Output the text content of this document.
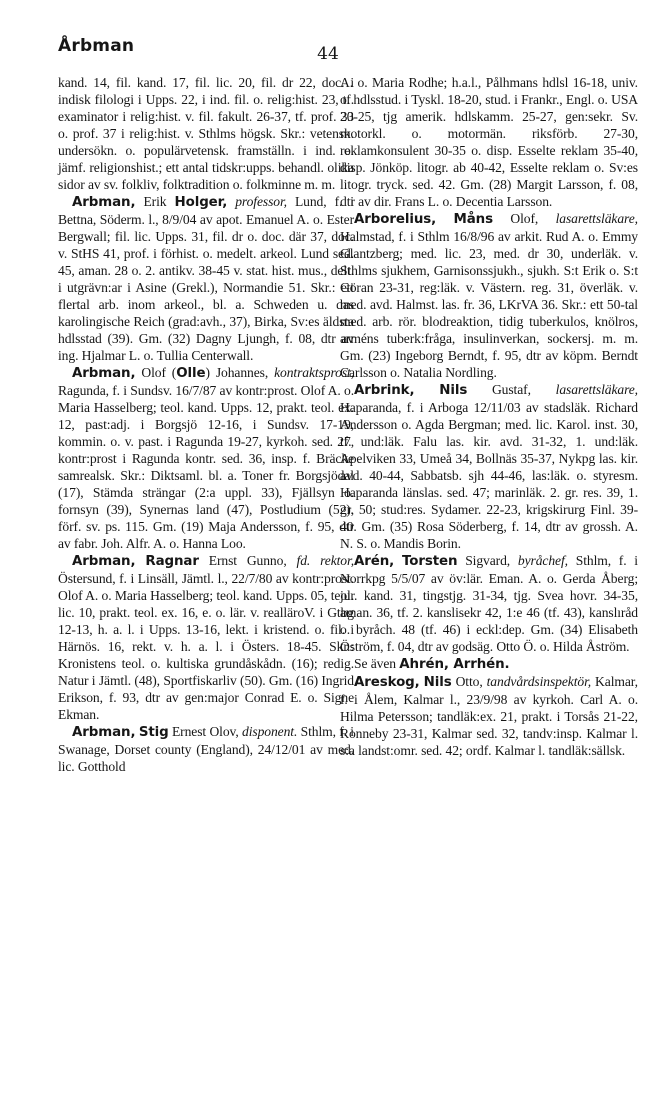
Årbman	44

kand. 14, fil. kand. 17, fil. lic. 20, fil. dr 22, doc. i indisk filologi i Upps. 22, i ind. fil. o. relig:hist. 23, tf. examinator i relig:hist. v. fil. fakult. 26-37, tf. prof. 33 o. prof. 37 i relig:hist. v. Sthlms högsk. Skr.: vetensk. undersökn. o. populärvetensk. framställn. i ind. o. jämf. religionshist.; ett antal tidskr:upps. behandl. olika sidor av sv. folkliv, folktradition o. folkminne m. m.

Arbman, Erik Holger, professor, Lund, f. i Bettna, Söderm. l., 8/9/04 av apot. Emanuel A. o. Ester Bergwall; fil. lic. Upps. 31, fil. dr o. doc. där 37, doc. v. StHS 41, prof. i förhist. o. medelt. arkeol. Lund sed. 45, aman. 28 o. 2. antikv. 38-45 v. stat. hist. mus., delt. i utgrävn:ar i Asine (Grekl.), Normandie 51. Skr.: ett flertal arb. inom arkeol., bl. a. Schweden u. das karolingische Reich (grad:avh., 37), Birka, Sv:es äldsta hdlsstad (39). Gm. (32) Dagny Ljungh, f. 08, dtr av ing. Hjalmar L. o. Tullia Centerwall.

Arbman, Olof (Olle) Johannes, kontraktsprost, Ragunda, f. i Sundsv. 16/7/87 av kontr:prost. Olof A. o. Maria Hasselberg; teol. kand. Upps. 12, prakt. teol. ex. 12, past:adj. i Borgsjö 12-16, i Sundsv. 17-19, kommin. o. v. past. i Ragunda 19-27, kyrkoh. sed. 27, kontr:prost i Ragunda kontr. sed. 36, insp. f. Bräcke samrealsk. Skr.: Diktsaml. bl. a. Toner fr. Borgsjödal (17), Stämda strängar (2:a uppl. 33), Fjällsyn o. fornsyn (39), Synernas land (47), Postludium (52), förf. sv. ps. 115. Gm. (19) Maja Andersson, f. 95, dtr av fabr. Joh. Alfr. A. o. Hanna Loo.

Arbman, Ragnar Ernst Gunno, fd. rektor, Östersund, f. i Linsäll, Jämtl. l., 22/7/80 av kontr:prost. Olof A. o. Maria Hasselberg; teol. kand. Upps. 05, teol. lic. 10, prakt. teol. ex. 16, e. o. lär. v. realläroV. i Gtbg 12-13, h. a. l. i Upps. 13-16, lekt. i kristend. o. fil. i Härnös. 16, rekt. v. h. a. l. i Östers. 18-45. Skr.: Kronistens teol. o. kultiska grundåskådn. (16); redig. Natur i Jämtl. (48), Sportfiskarliv (50). Gm. (16) Ingrid Erikson, f. 93, dtr av gen:major Conrad E. o. Signe Ekman.

Arbman, Stig Ernest Olov, disponent. Sthlm, f. i Swanage, Dorset county (England), 24/12/01 av med. lic. Gotthold

A. o. Maria Rodhe; h.a.l., Pålhmans hdlsl 16-18, univ. o. hdlsstud. i Tyskl. 18-20, stud. i Frankr., Engl. o. USA 20-25, tjg amerik. hdlskamm. 25-27, gen:sekr. Sv. motorkl. o. motormän. riksförb. 27-30, reklamkonsulent 30-35 o. disp. Esselte reklam 35-40, disp. Jönköp. litogr. ab 40-42, Esselte reklam o. Sv:es litogr. tryck. sed. 42. Gm. (28) Margit Larsson, f. 08, dtr av dir. Frans L. o. Decentia Larsson.

Arborelius, Måns Olof, lasarettsläkare, Halmstad, f. i Sthlm 16/8/96 av arkit. Rud A. o. Emmy Glantzberg; med. lic. 23, med. dr 30, underläk. v. Sthlms sjukhem, Garnisonssjukh., sjukh. S:t Erik o. S:t Göran 23-31, reg:läk. v. Västern. reg. 31, överläk. v. med. avd. Halmst. las. fr. 36, LKrVA 36. Skr.: ett 50-tal med. arb. rör. blodreaktion, tidig tuberkulos, knölros, arméns tuberk:fråga, insulinverkan, sockersj. m. m. Gm. (23) Ingeborg Berndt, f. 95, dtr av köpm. Berndt Carlsson o. Natalia Nordling.

Arbrink, Nils Gustaf, lasarettsläkare, Haparanda, f. i Arboga 12/11/03 av stadsläk. Richard Andersson o. Agda Bergman; med. lic. Karol. inst. 30, tf. und:läk. Falu las. kir. avd. 31-32, 1. und:läk. Apelviken 33, Umeå 34, Bollnäs 35-37, Nykpg las. kir. avd. 40-44, Sabbatsb. sjh 44-46, las:läk. o. styresm. Haparanda länslas. sed. 47; marinläk. 2. gr. res. 39, 1. gr. 50; stud:res. Sydamer. 22-23, krigskirurg Finl. 39-40. Gm. (35) Rosa Söderberg, f. 14, dtr av grossh. A. N. S. o. Mandis Borin.

Arén, Torsten Sigvard, byråchef, Sthlm, f. i Norrkpg 5/5/07 av öv:lär. Eman. A. o. Gerda Åberg; jur. kand. 31, tingstjg. 31-34, tjg. Svea hovr. 34-35, aman. 36, tf. 2. kanslisekr 42, 1:e 46 (tf. 43), kanslıråd o. byråch. 48 (tf. 46) i eckl:dep. Gm. (34) Elisabeth Öström, f. 04, dtr av godsäg. Otto Ö. o. Hilda Åström.

Se även Ahrén, Arrhén.

Areskog, Nils Otto, tandvårdsinspektör, Kalmar, f. i Ålem, Kalmar l., 23/9/98 av kyrkoh. Carl A. o. Hilma Petersson; tandläk:ex. 21, prakt. i Torsås 21-22, Ronneby 23-31, Kalmar sed. 32, tandv:insp. Kalmar l. s:a landst:omr. sed. 42; ordf. Kalmar l. tandläk:sällsk.
